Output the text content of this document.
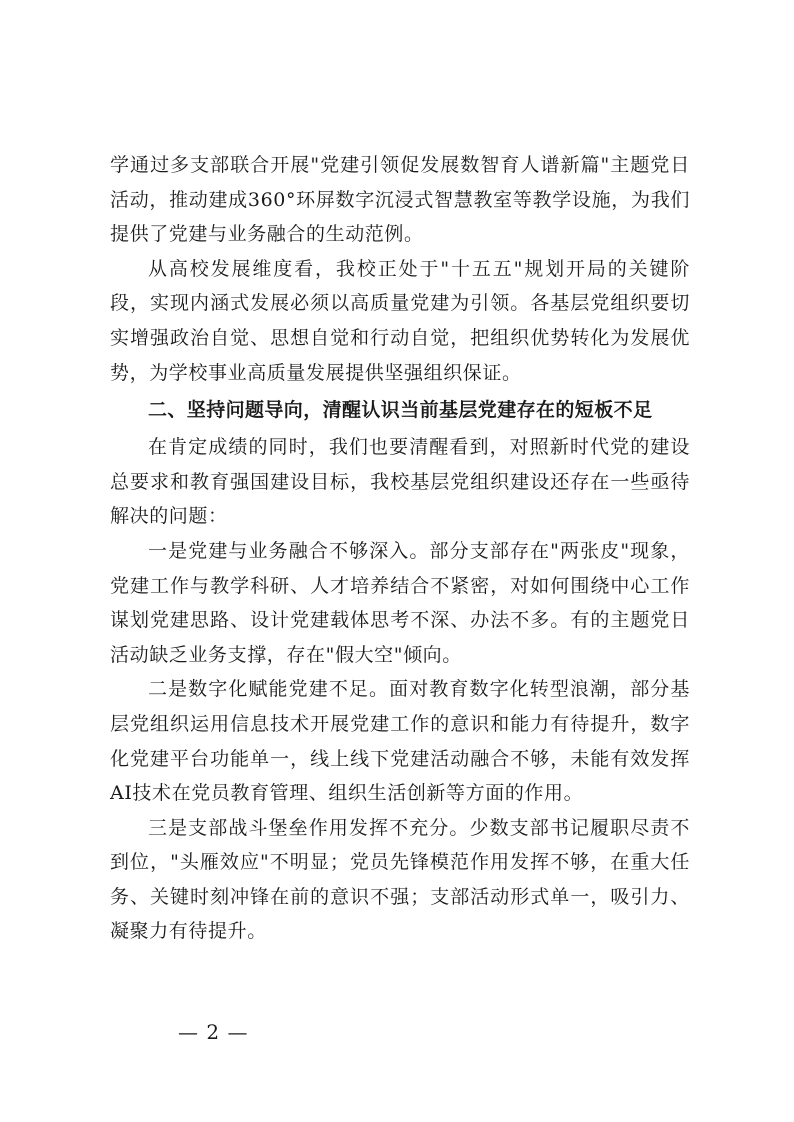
学通过多支部联合开展"党建引领促发展数智育人谱新篇"主题党日活动，推动建成360°环屏数字沉浸式智慧教室等教学设施，为我们提供了党建与业务融合的生动范例。

从高校发展维度看，我校正处于"十五五"规划开局的关键阶段，实现内涵式发展必须以高质量党建为引领。各基层党组织要切实增强政治自觉、思想自觉和行动自觉，把组织优势转化为发展优势，为学校事业高质量发展提供坚强组织保证。

二、坚持问题导向，清醒认识当前基层党建存在的短板不足

在肯定成绩的同时，我们也要清醒看到，对照新时代党的建设总要求和教育强国建设目标，我校基层党组织建设还存在一些亟待解决的问题：

一是党建与业务融合不够深入。部分支部存在"两张皮"现象，党建工作与教学科研、人才培养结合不紧密，对如何围绕中心工作谋划党建思路、设计党建载体思考不深、办法不多。有的主题党日活动缺乏业务支撑，存在"假大空"倾向。

二是数字化赋能党建不足。面对教育数字化转型浪潮，部分基层党组织运用信息技术开展党建工作的意识和能力有待提升，数字化党建平台功能单一，线上线下党建活动融合不够，未能有效发挥AI技术在党员教育管理、组织生活创新等方面的作用。

三是支部战斗堡垒作用发挥不充分。少数支部书记履职尽责不到位，"头雁效应"不明显；党员先锋模范作用发挥不够，在重大任务、关键时刻冲锋在前的意识不强；支部活动形式单一，吸引力、凝聚力有待提升。

— 2 —
